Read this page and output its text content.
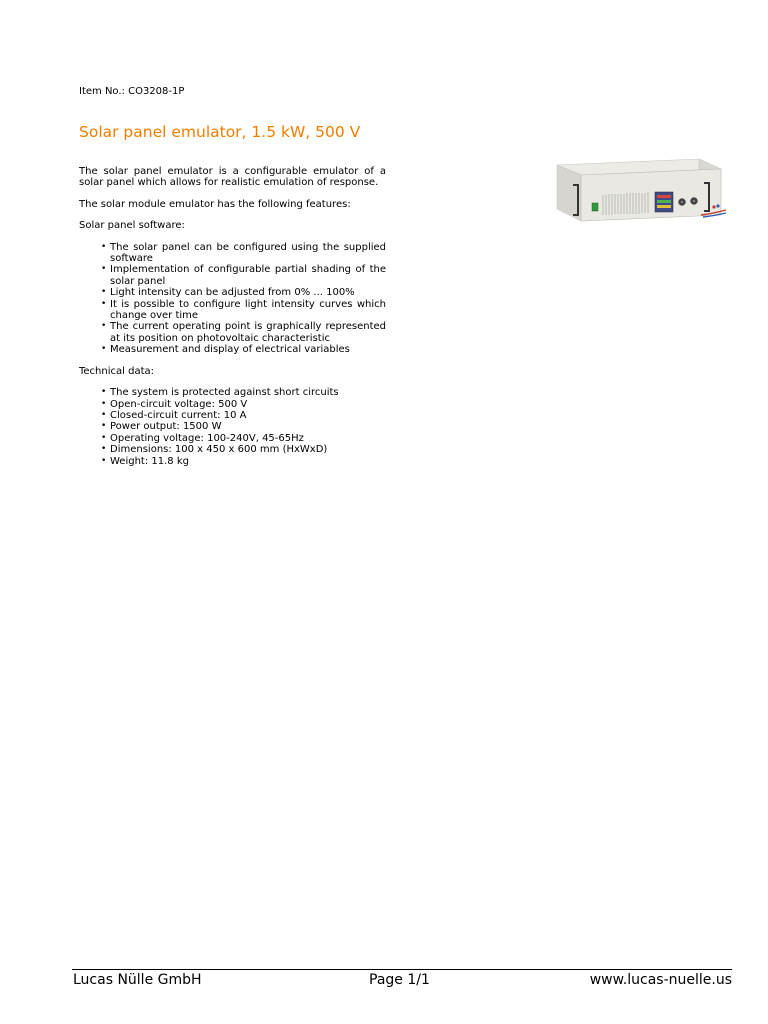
Item No.: CO3208-1P
Solar panel emulator, 1.5 kW, 500 V

The solar panel emulator is a configurable emulator of a solar panel which allows for realistic emulation of response.

The solar module emulator has the following features:

Solar panel software:

• The solar panel can be configured using the supplied software
• Implementation of configurable partial shading of the solar panel
• Light intensity can be adjusted from 0% ... 100%
• It is possible to configure light intensity curves which change over time
• The current operating point is graphically represented at its position on photovoltaic characteristic
• Measurement and display of electrical variables

Technical data:

• The system is protected against short circuits
• Open-circuit voltage: 500 V
• Closed-circuit current: 10 A
• Power output: 1500 W
• Operating voltage: 100-240V, 45-65Hz
• Dimensions: 100 x 450 x 600 mm (HxWxD)
• Weight: 11.8 kg
Lucas Nülle GmbH	Page 1/1	www.lucas-nuelle.us
